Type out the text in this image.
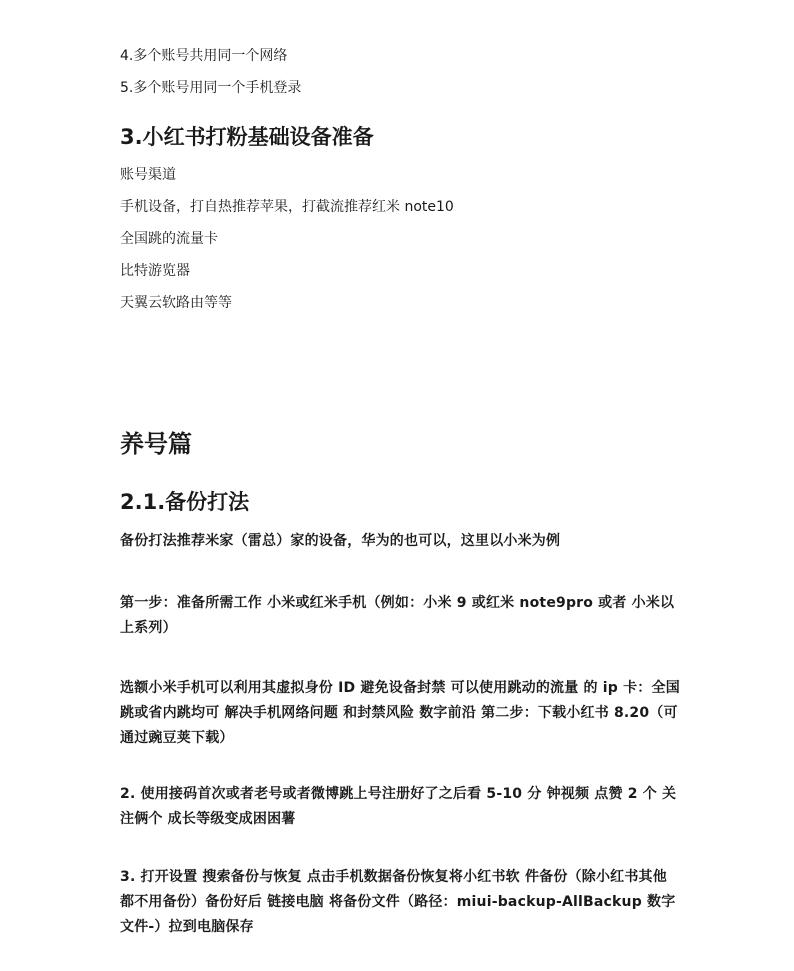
4.多个账号共用同一个网络
5.多个账号用同一个手机登录
3.小红书打粉基础设备准备
账号渠道
手机设备，打自热推荐苹果，打截流推荐红米 note10
全国跳的流量卡
比特游览器
天翼云软路由等等
养号篇
2.1.备份打法
备份打法推荐米家（雷总）家的设备，华为的也可以，这里以小米为例
第一步：准备所需工作 小米或红米手机（例如：小米 9 或红米 note9pro 或者 小米以上系列）
选额小米手机可以利用其虚拟身份 ID 避免设备封禁 可以使用跳动的流量 的 ip 卡：全国跳或省内跳均可 解决手机网络问题 和封禁风险 数字前沿 第二步：下载小红书 8.20（可通过豌豆荚下载）
2. 使用接码首次或者老号或者微博跳上号注册好了之后看 5-10 分 钟视频 点赞 2 个 关注俩个 成长等级变成困困薯
3. 打开设置 搜索备份与恢复 点击手机数据备份恢复将小红书软 件备份（除小红书其他都不用备份）备份好后 链接电脑 将备份文件（路径：miui-backup-AllBackup 数字文件-）拉到电脑保存
